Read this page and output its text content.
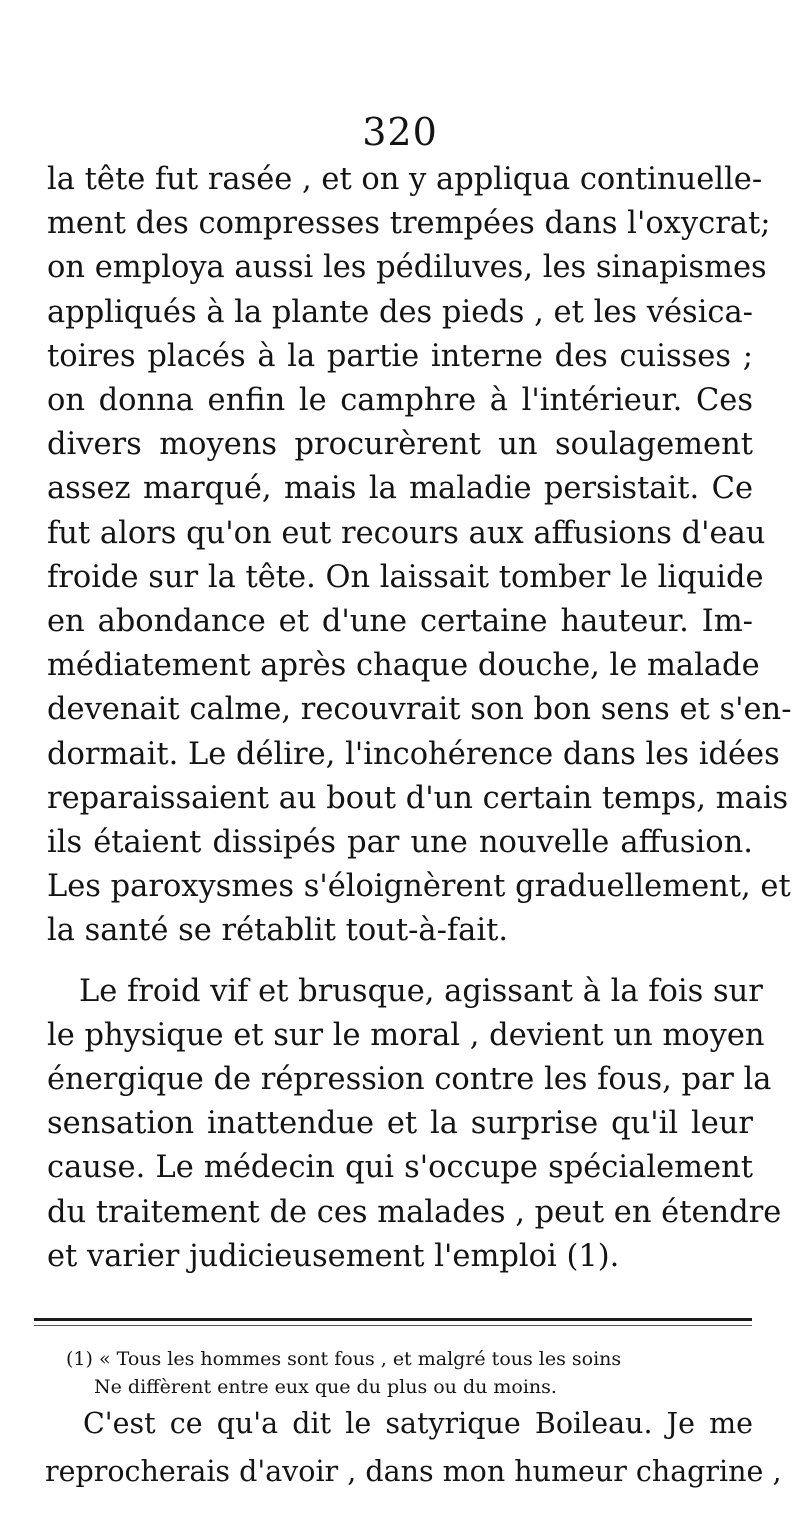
320
la tête fut rasée , et on y appliqua continuelle-
ment des compresses trempées dans l'oxycrat;
on employa aussi les pédiluves, les sinapismes
appliqués à la plante des pieds , et les vésica-
toires placés à la partie interne des cuisses ;
on donna enfin le camphre à l'intérieur. Ces
divers moyens procurèrent un soulagement
assez marqué, mais la maladie persistait. Ce
fut alors qu'on eut recours aux affusions d'eau
froide sur la tête. On laissait tomber le liquide
en abondance et d'une certaine hauteur. Im-
médiatement après chaque douche, le malade
devenait calme, recouvrait son bon sens et s'en-
dormait. Le délire, l'incohérence dans les idées
reparaissaient au bout d'un certain temps, mais
ils étaient dissipés par une nouvelle affusion.
Les paroxysmes s'éloignèrent graduellement, et
la santé se rétablit tout-à-fait.
Le froid vif et brusque, agissant à la fois sur
le physique et sur le moral , devient un moyen
énergique de répression contre les fous, par la
sensation inattendue et la surprise qu'il leur
cause. Le médecin qui s'occupe spécialement
du traitement de ces malades , peut en étendre
et varier judicieusement l'emploi (1).
(1) « Tous les hommes sont fous , et malgré tous les soins
Ne diffèrent entre eux que du plus ou du moins.
C'est ce qu'a dit le satyrique Boileau. Je me
reprocherais d'avoir , dans mon humeur chagrine ,
